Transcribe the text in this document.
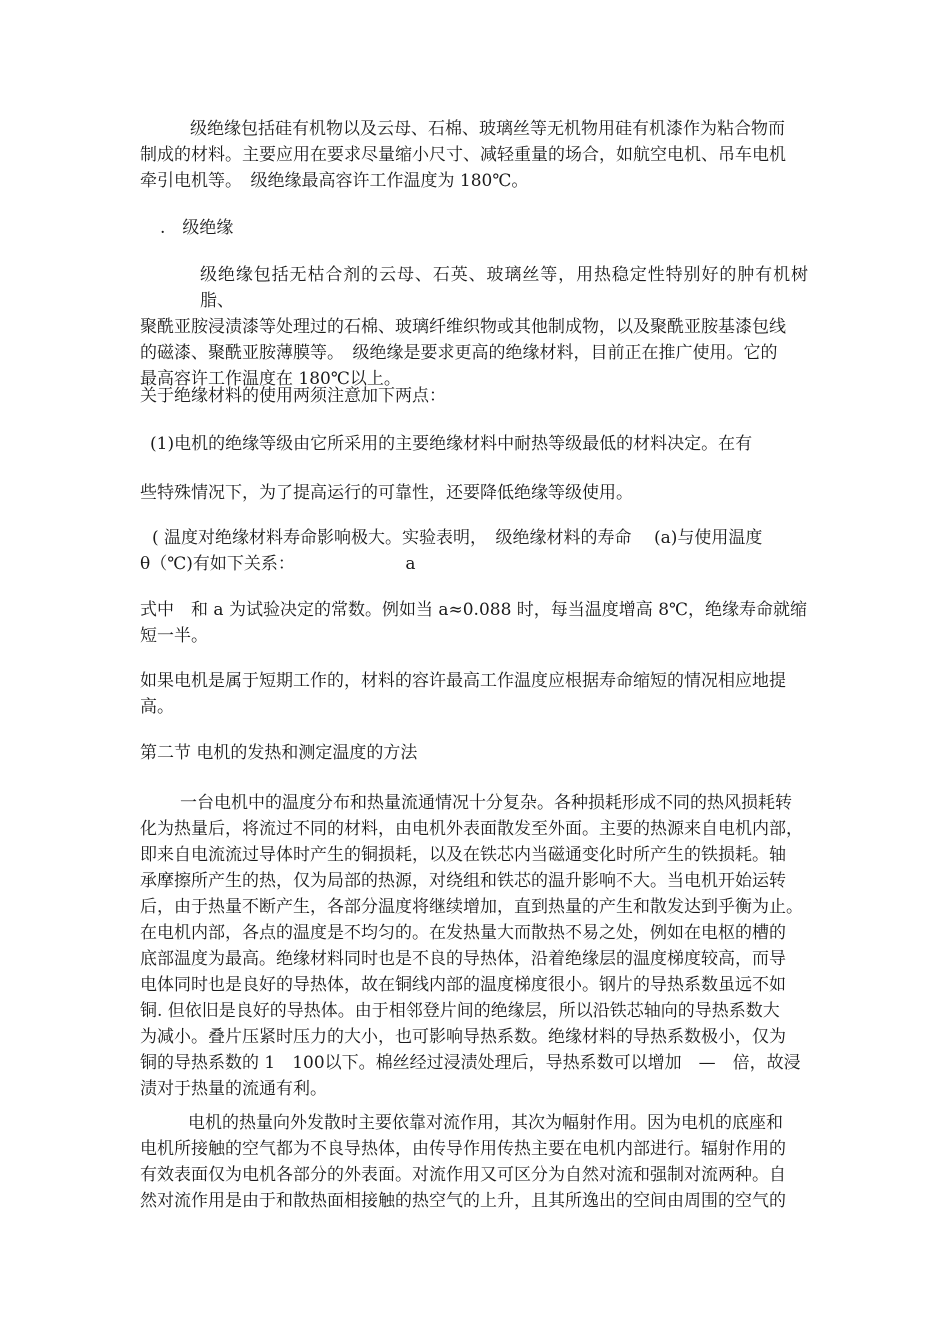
级绝缘包括硅有机物以及云母、石棉、玻璃丝等无机物用硅有机漆作为粘合物而
制成的材料。主要应用在要求尽量缩小尺寸、减轻重量的场合，如航空电机、吊车电机
牵引电机等。　级绝缘最高容许工作温度为 180℃。
.　级绝缘
级绝缘包括无枯合剂的云母、石英、玻璃丝等，用热稳定性特别好的肿有机树脂、
聚酰亚胺浸渍漆等处理过的石棉、玻璃纤维织物或其他制成物，以及聚酰亚胺基漆包线
的磁漆、聚酰亚胺薄膜等。　级绝缘是要求更高的绝缘材料，目前正在推广使用。它的
最高容许工作温度在 180℃以上。
关于绝缘材料的使用两须注意加下两点：
(1)电机的绝缘等级由它所采用的主要绝缘材料中耐热等级最低的材料决定。在有
些特殊情况下，为了提高运行的可靠性，还要降低绝缘等级使用。
( 温度对绝缘材料寿命影响极大。实验表明，　级绝缘材料的寿命　 (a)与使用温度
θ（℃)有如下关系：　　　　　　　a
式中　和 a 为试验决定的常数。例如当 a≈0.088 时，每当温度增高 8℃，绝缘寿命就缩
短一半。
如果电机是属于短期工作的，材料的容许最高工作温度应根据寿命缩短的情况相应地提
高。
第二节 电机的发热和测定温度的方法
一台电机中的温度分布和热量流通情况十分复杂。各种损耗形成不同的热风损耗转
化为热量后，将流过不同的材料，由电机外表面散发至外面。主要的热源来自电机内部，
即来自电流流过导体时产生的铜损耗，以及在铁芯内当磁通变化时所产生的铁损耗。轴
承摩擦所产生的热，仅为局部的热源，对绕组和铁芯的温升影响不大。当电机开始运转
后，由于热量不断产生，各部分温度将继续增加，直到热量的产生和散发达到乎衡为止。
在电机内部，各点的温度是不均匀的。在发热量大而散热不易之处，例如在电枢的槽的
底部温度为最高。绝缘材料同时也是不良的导热体，沿着绝缘层的温度梯度较高，而导
电体同时也是良好的导热体，故在铜线内部的温度梯度很小。钢片的导热系数虽远不如
铜. 但依旧是良好的导热体。由于相邻登片间的绝缘层，所以沿铁芯轴向的导热系数大
为减小。叠片压紧时压力的大小，也可影响导热系数。绝缘材料的导热系数极小，仅为
铜的导热系数的 1　100以下。棉丝经过浸渍处理后，导热系数可以增加　—　倍，故浸
渍对于热量的流通有利。
电机的热量向外发散时主要依靠对流作用，其次为幅射作用。因为电机的底座和
电机所接触的空气都为不良导热体，由传导作用传热主要在电机内部进行。辐射作用的
有效表面仅为电机各部分的外表面。对流作用又可区分为自然对流和强制对流两种。自
然对流作用是由于和散热面相接触的热空气的上升，且其所逸出的空间由周围的空气的
